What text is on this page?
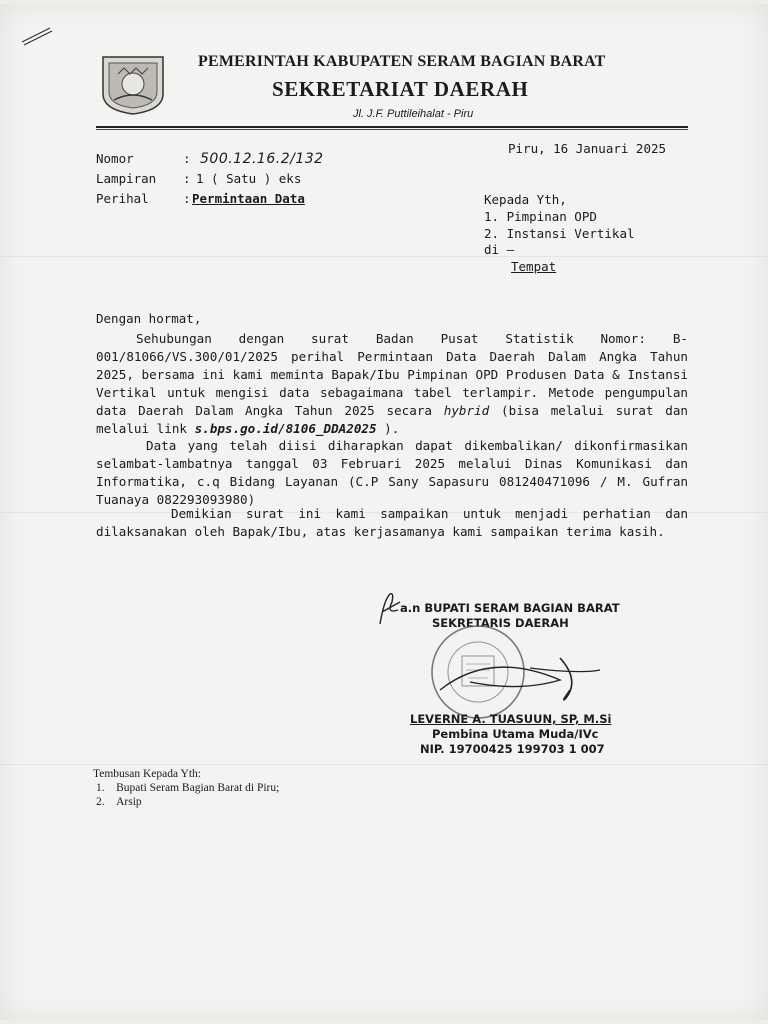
PEMERINTAH KABUPATEN SERAM BAGIAN BARAT
SEKRETARIAT DAERAH
Jl. J.F. Puttileihalat - Piru
Piru, 16 Januari 2025
Nomor	: 500.12.16.2/132
Lampiran : 1 ( Satu ) eks
Perihal	: Permintaan Data	Kepada Yth,
1. Pimpinan OPD
2. Instansi Vertikal
di –
Tempat
Dengan hormat,
Sehubungan dengan surat Badan Pusat Statistik Nomor: B-001/81066/VS.300/01/2025 perihal Permintaan Data Daerah Dalam Angka Tahun 2025, bersama ini kami meminta Bapak/Ibu Pimpinan OPD Produsen Data & Instansi Vertikal untuk mengisi data sebagaimana tabel terlampir. Metode pengumpulan data Daerah Dalam Angka Tahun 2025 secara hybrid (bisa melalui surat dan melalui link s.bps.go.id/8106_DDA2025 ).
Data yang telah diisi diharapkan dapat dikembalikan/ dikonfirmasikan selambat-lambatnya tanggal 03 Februari 2025 melalui Dinas Komunikasi dan Informatika, c.q Bidang Layanan (C.P Sany Sapasuru 081240471096 / M. Gufran Tuanaya 082293093980)
Demikian surat ini kami sampaikan untuk menjadi perhatian dan dilaksanakan oleh Bapak/Ibu, atas kerjasamanya kami sampaikan terima kasih.
a.n BUPATI SERAM BAGIAN BARAT
SEKRETARIS DAERAH
LEVERNE A. TUASUUN, SP, M.Si
Pembina Utama Muda/IVc
NIP. 19700425 199703 1 007
Tembusan Kepada Yth:
1.    Bupati Seram Bagian Barat di Piru;
2.    Arsip
